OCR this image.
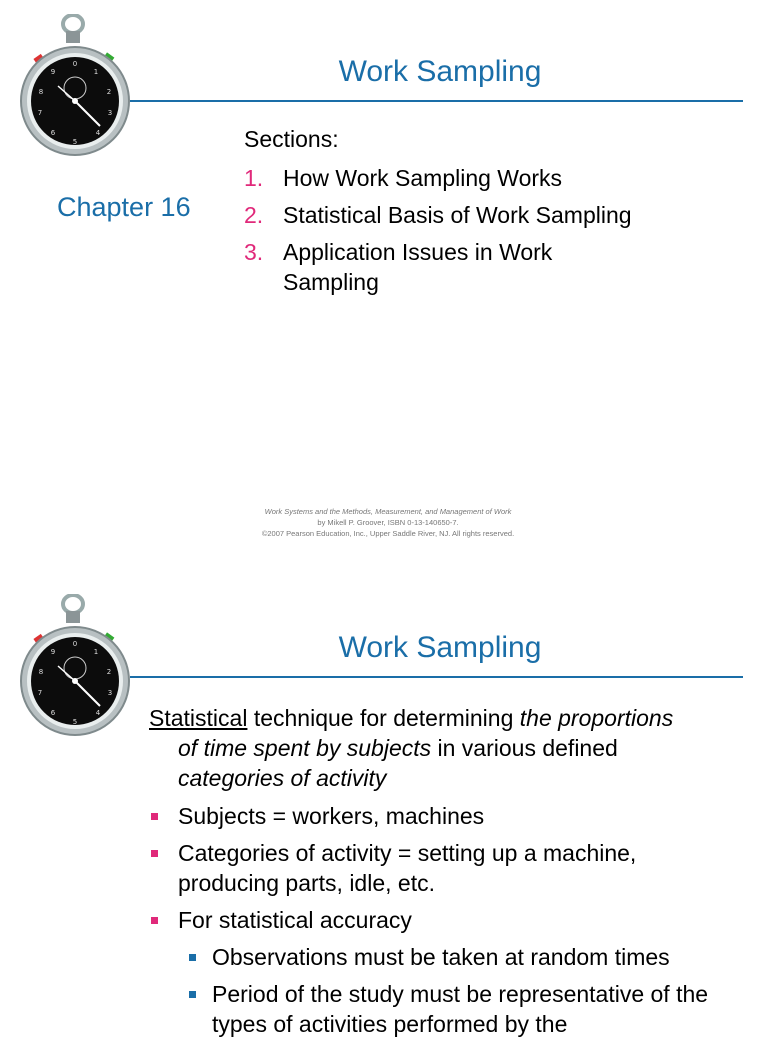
0
1
2
3
4
5
6
7
8
9	Work Sampling
Chapter 16
Sections:
1. How Work Sampling Works
2. Statistical Basis of Work Sampling
3. Application Issues in Work Sampling
Work Systems and the Methods, Measurement, and Management of Work
by Mikell P. Groover, ISBN 0-13-140650-7.
©2007 Pearson Education, Inc., Upper Saddle River, NJ. All rights reserved.
0
1
2
3
4
5
6
7
8
9	Work Sampling
Statistical technique for determining the proportions
of time spent by subjects in various defined
categories of activity
Subjects = workers, machines
Categories of activity = setting up a machine, producing parts, idle, etc.
For statistical accuracy
Observations must be taken at random times
Period of the study must be representative of the types of activities performed by the
